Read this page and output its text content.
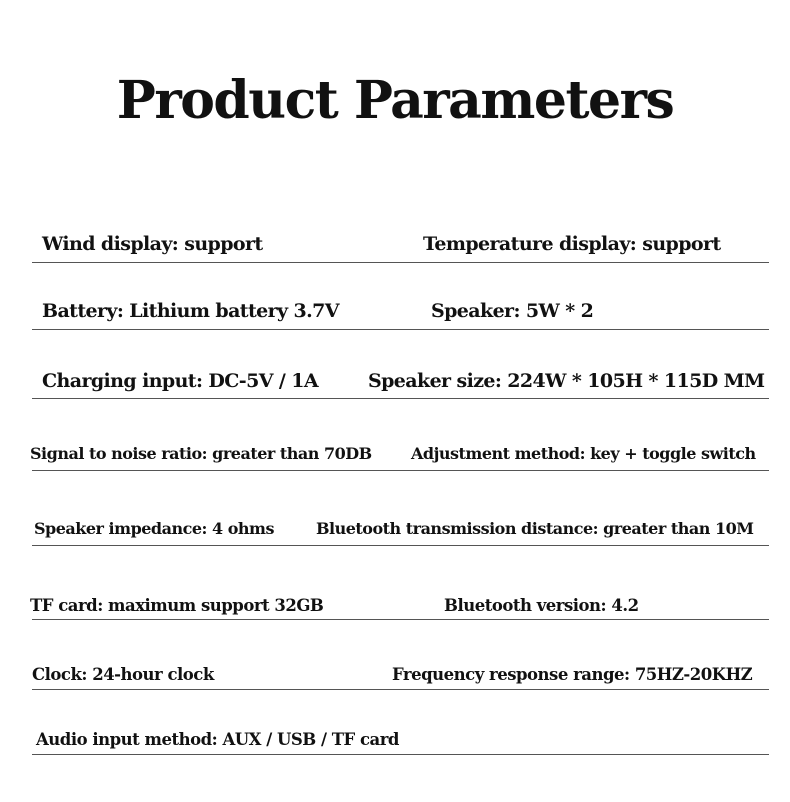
Product Parameters
Wind display: support	Temperature display: support
Battery: Lithium battery 3.7V	Speaker: 5W * 2
Charging input: DC-5V / 1A	Speaker size: 224W * 105H * 115D MM
Signal to noise ratio: greater than 70DB Adjustment method: key + toggle switch
Speaker impedance: 4 ohms	Bluetooth transmission distance: greater than 10M
TF card: maximum support 32GB	Bluetooth version: 4.2
Clock: 24-hour clock	Frequency response range: 75HZ-20KHZ
Audio input method: AUX / USB / TF card
